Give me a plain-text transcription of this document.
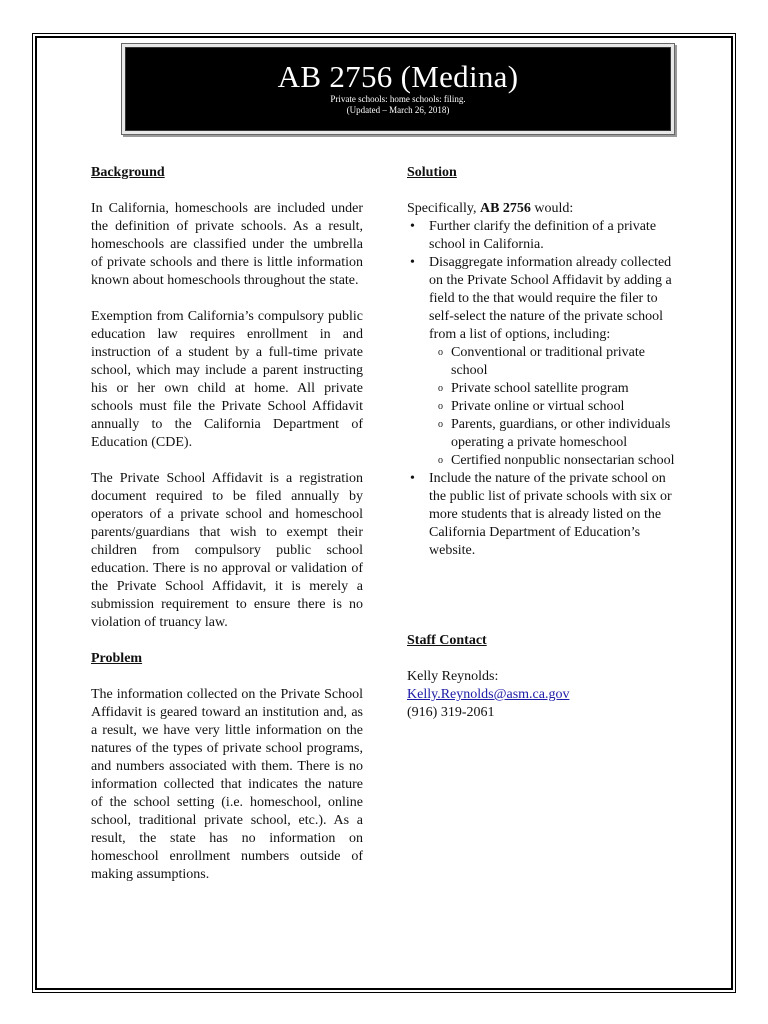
AB 2756 (Medina)
Private schools: home schools: filing.
(Updated – March 26, 2018)
Background

In California, homeschools are included under the definition of private schools. As a result, homeschools are classified under the umbrella of private schools and there is little information known about homeschools throughout the state.

Exemption from California’s compulsory public education law requires enrollment in and instruction of a student by a full-time private school, which may include a parent instructing his or her own child at home. All private schools must file the Private School Affidavit annually to the California Department of Education (CDE).

The Private School Affidavit is a registration document required to be filed annually by operators of a private school and homeschool parents/guardians that wish to exempt their children from compulsory public school education. There is no approval or validation of the Private School Affidavit, it is merely a submission requirement to ensure there is no violation of truancy law.

Problem

The information collected on the Private School Affidavit is geared toward an institution and, as a result, we have very little information on the natures of the types of private school programs, and numbers associated with them. There is no information collected that indicates the nature of the school setting (i.e. homeschool, online school, traditional private school, etc.). As a result, the state has no information on homeschool enrollment numbers outside of making assumptions.

Solution

Specifically, AB 2756 would:

• Further clarify the definition of a private school in California.
• Disaggregate information already collected on the Private School Affidavit by adding a field to the that would require the filer to self-select the nature of the private school from a list of options, including:
o Conventional or traditional private school
o Private school satellite program
o Private online or virtual school
o Parents, guardians, or other individuals operating a private homeschool
o Certified nonpublic nonsectarian school
• Include the nature of the private school on the public list of private schools with six or more students that is already listed on the California Department of Education’s website.
Staff Contact

Kelly Reynolds:

Kelly.Reynolds@asm.ca.gov

(916) 319-2061
